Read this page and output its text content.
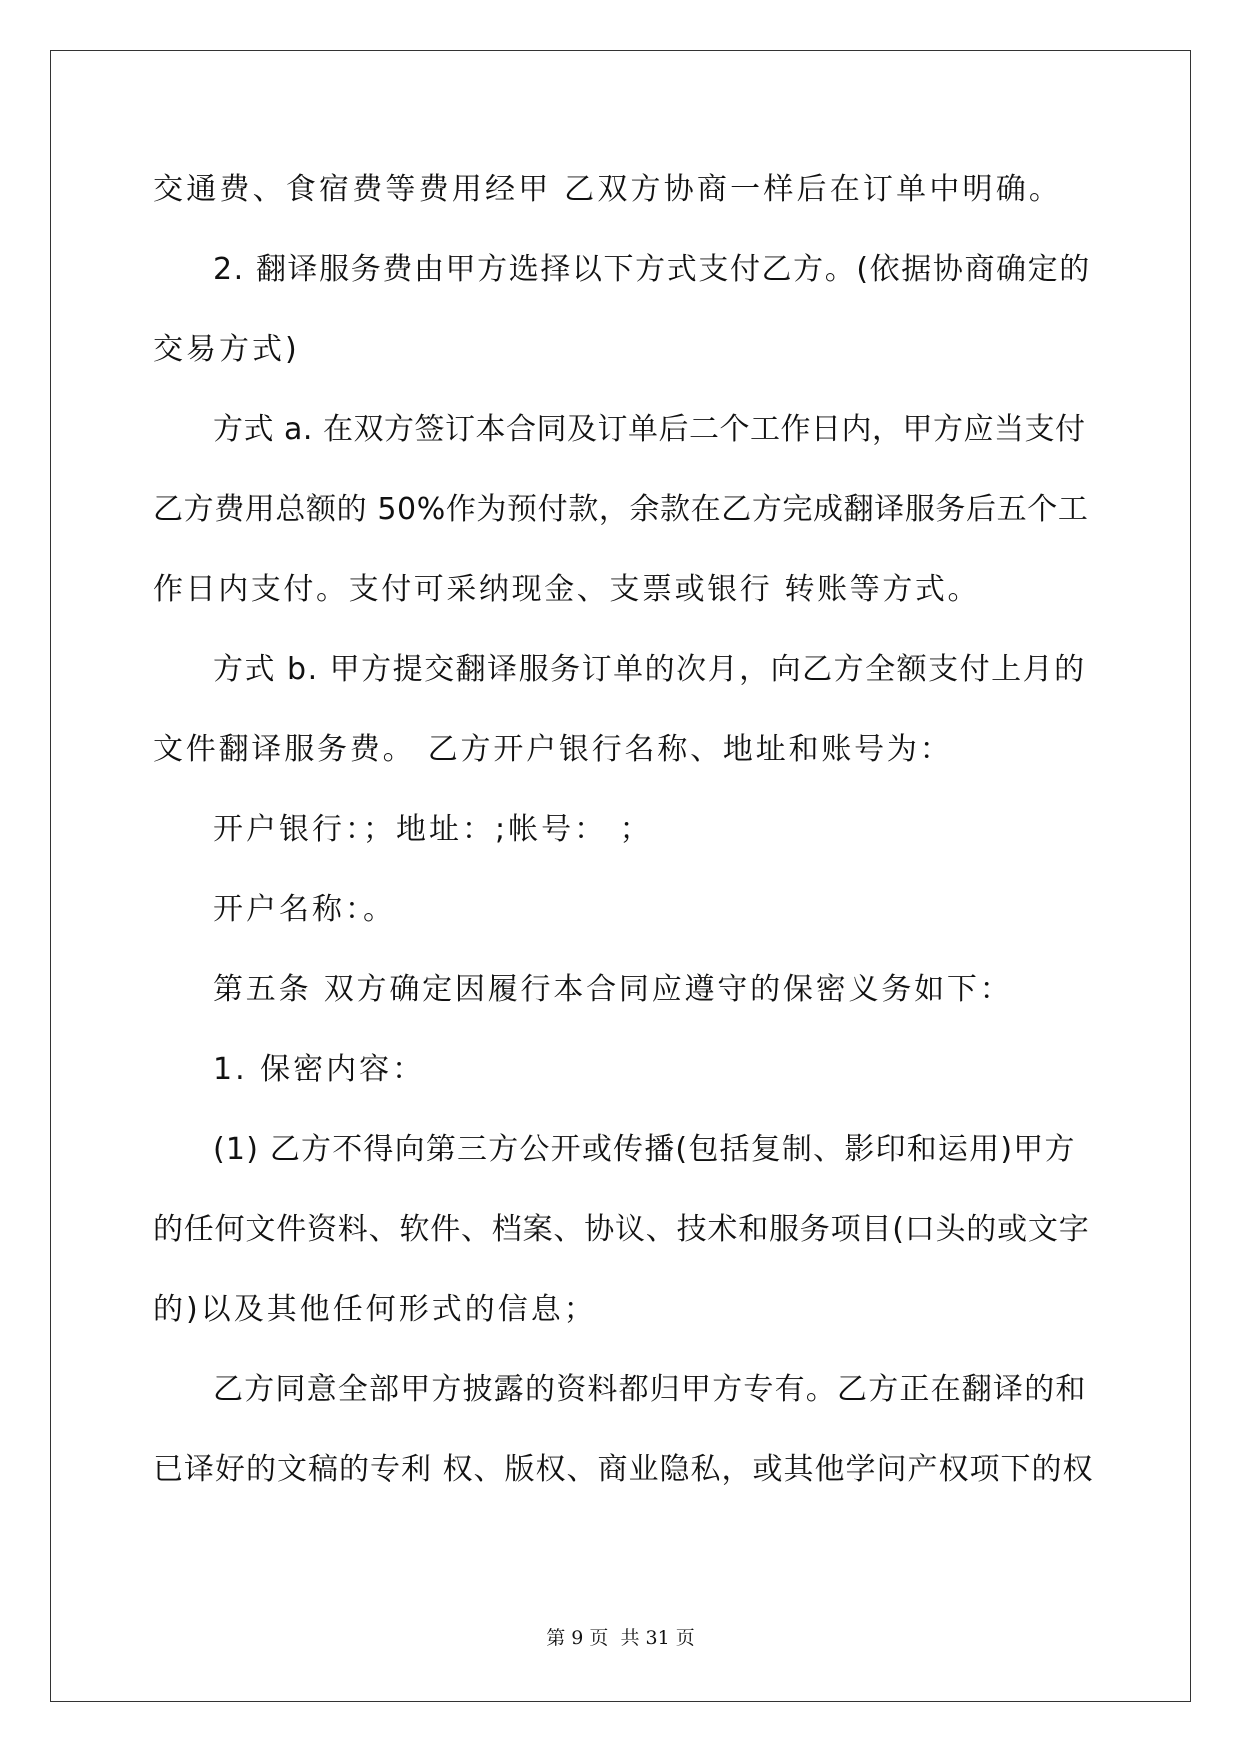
交通费、食宿费等费用经甲 乙双方协商一样后在订单中明确。
2. 翻译服务费由甲方选择以下方式支付乙方。(依据协商确定的
交易方式)
方式 a. 在双方签订本合同及订单后二个工作日内，甲方应当支付
乙方费用总额的 50%作为预付款，余款在乙方完成翻译服务后五个工
作日内支付。支付可采纳现金、支票或银行 转账等方式。
方式 b. 甲方提交翻译服务订单的次月，向乙方全额支付上月的
文件翻译服务费。 乙方开户银行名称、地址和账号为：
开户银行：；地址：;帐号： ；
开户名称：。
第五条 双方确定因履行本合同应遵守的保密义务如下：
1. 保密内容：
(1) 乙方不得向第三方公开或传播(包括复制、影印和运用)甲方
的任何文件资料、软件、档案、协议、技术和服务项目(口头的或文字
的)以及其他任何形式的信息；
乙方同意全部甲方披露的资料都归甲方专有。乙方正在翻译的和
已译好的文稿的专利 权、版权、商业隐私，或其他学问产权项下的权
第 9 页  共 31 页
